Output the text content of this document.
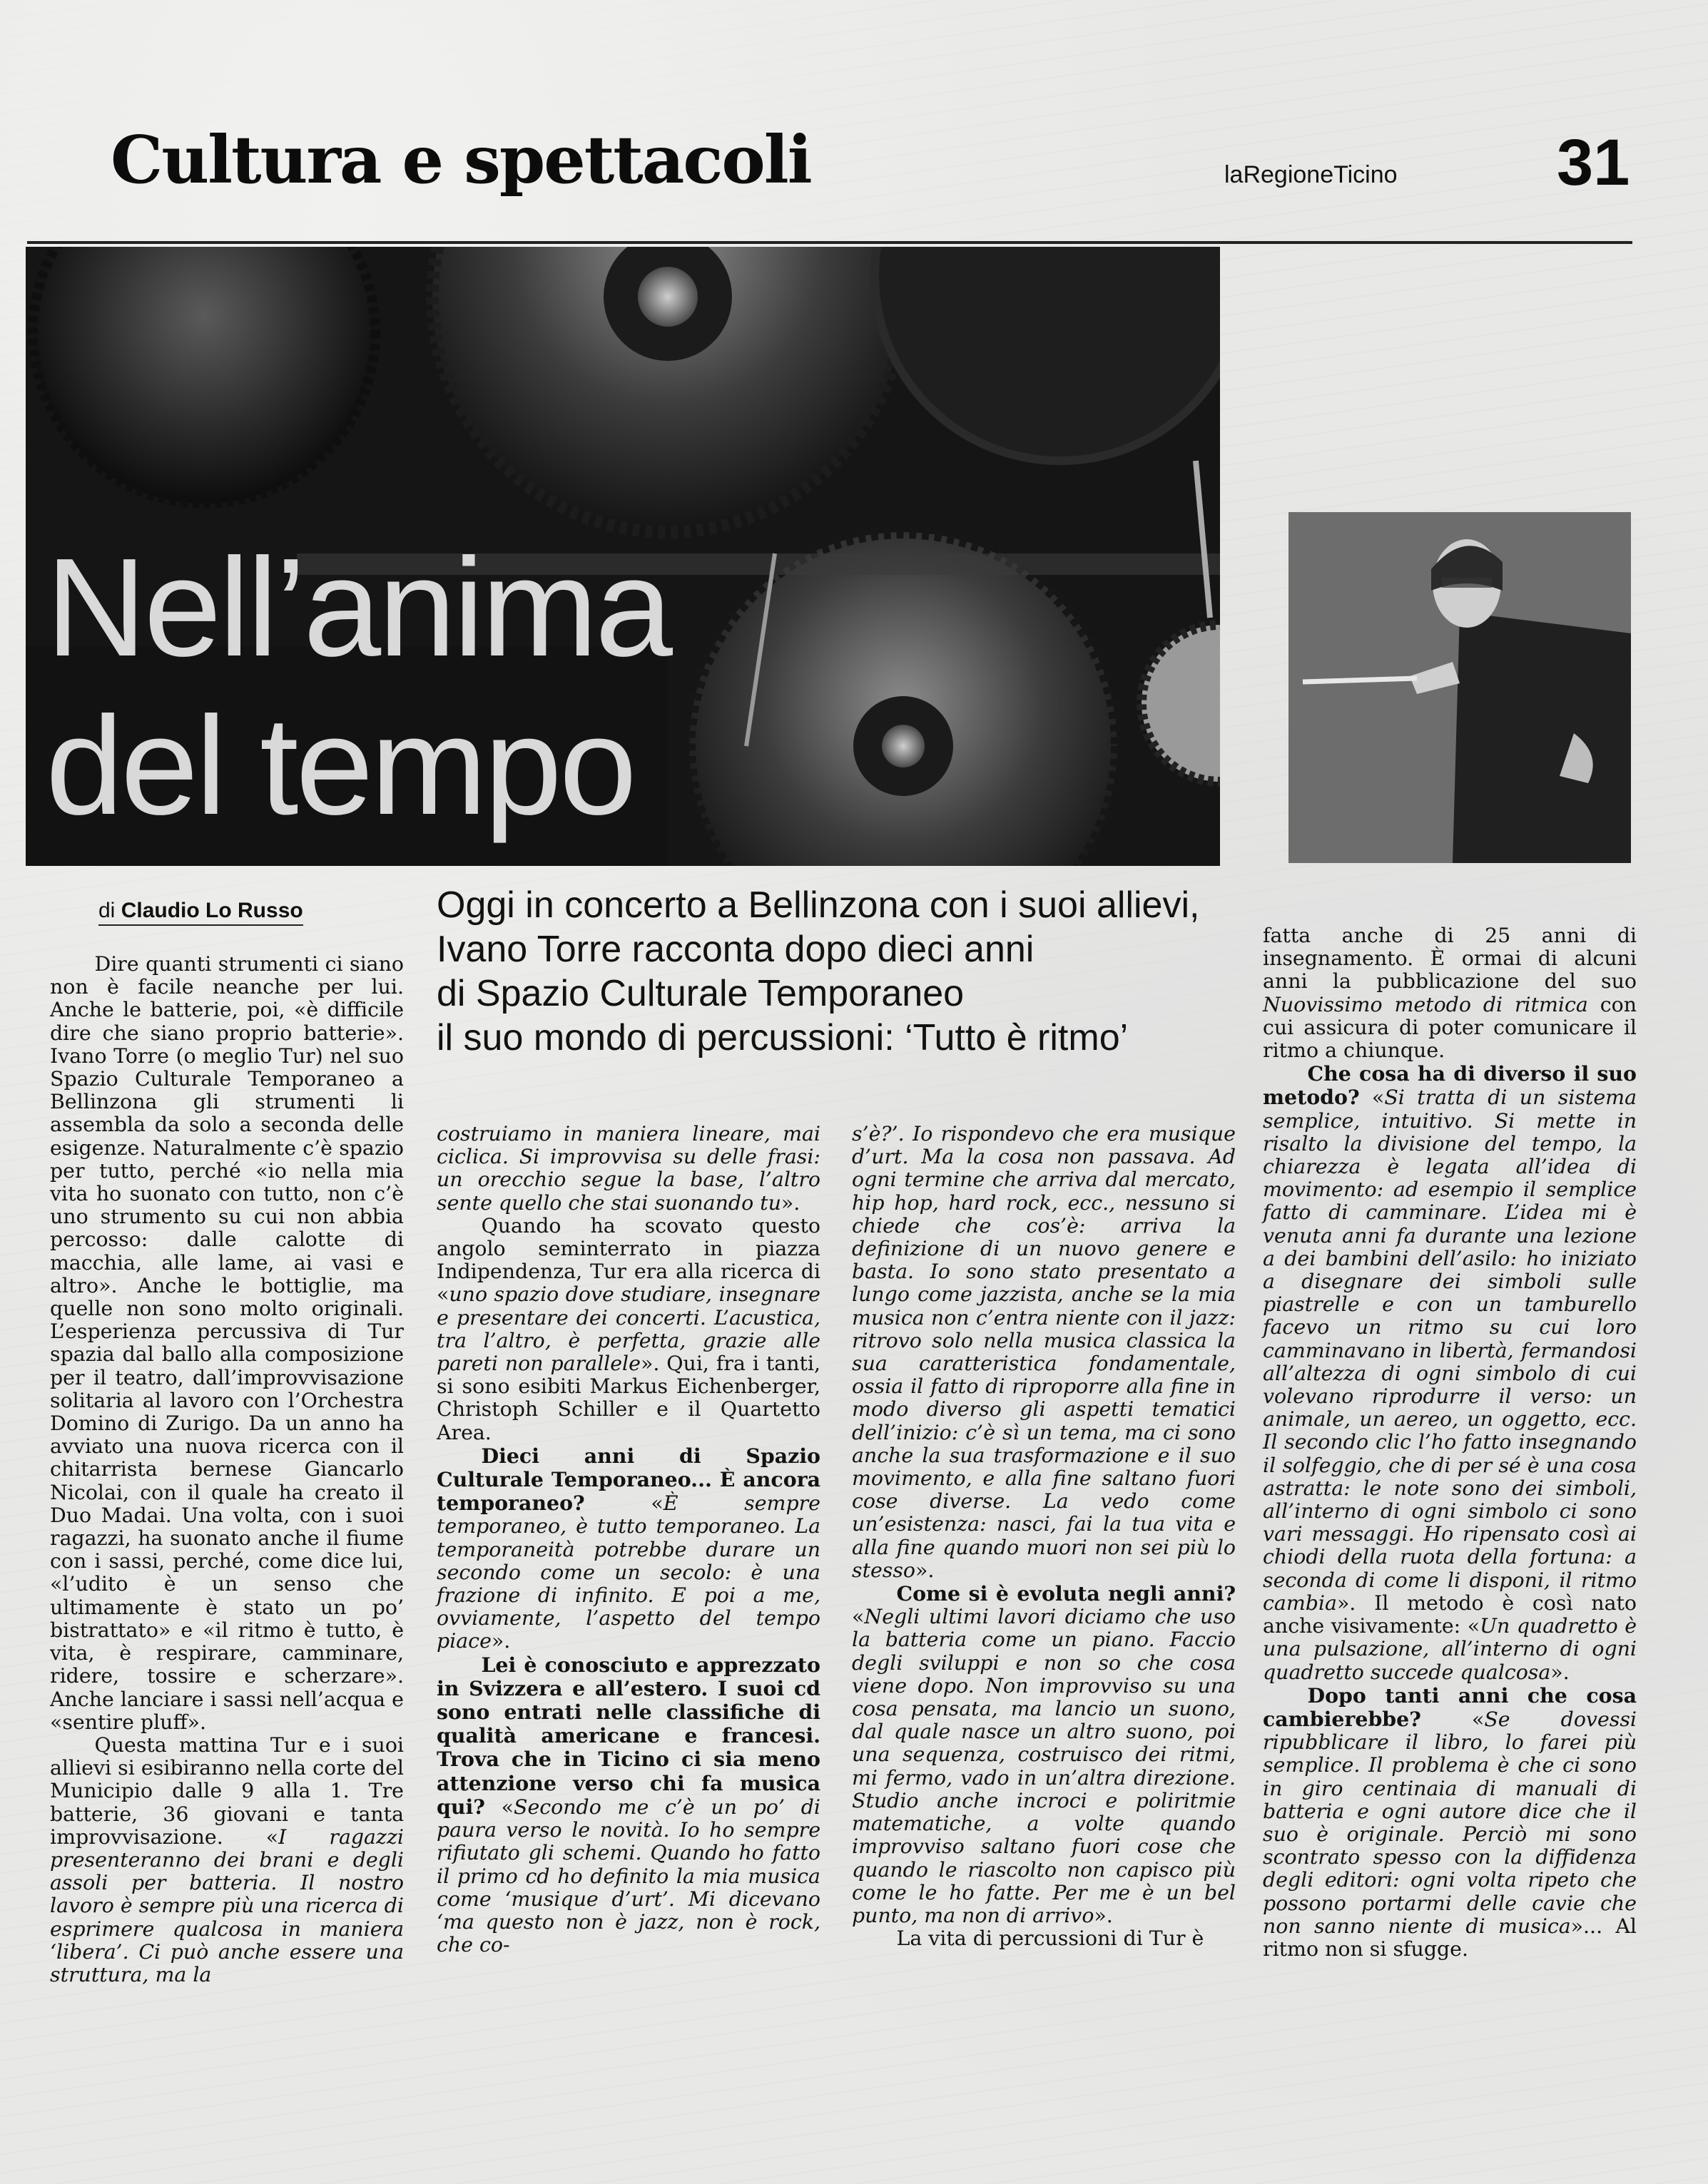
Cultura e spettacoli	laRegioneTicino 31
Nell’anima
del tempo
di Claudio Lo Russo	Oggi in concerto a Bellinzona con i suoi allievi,
Ivano Torre racconta dopo dieci anni
di Spazio Culturale Temporaneo
il suo mondo di percussioni: ‘Tutto è ritmo’

Dire quanti strumenti ci siano non è facile neanche per lui. Anche le batterie, poi, «è difficile dire che siano proprio batterie». Ivano Torre (o meglio Tur) nel suo Spazio Culturale Temporaneo a Bellinzona gli strumenti li assembla da solo a seconda delle esigenze. Naturalmente c’è spazio per tutto, perché «io nella mia vita ho suonato con tutto, non c’è uno strumento su cui non abbia percosso: dalle calotte di macchia, alle lame, ai vasi e altro». Anche le bottiglie, ma quelle non sono molto originali. L’esperienza percussiva di Tur spazia dal ballo alla composizione per il teatro, dall’improvvisazione solitaria al lavoro con l’Orchestra Domino di Zurigo. Da un anno ha avviato una nuova ricerca con il chitarrista bernese Giancarlo Nicolai, con il quale ha creato il Duo Madai. Una volta, con i suoi ragazzi, ha suonato anche il fiume con i sassi, perché, come dice lui, «l’udito è un senso che ultimamente è stato un po’ bistrattato» e «il ritmo è tutto, è vita, è respirare, camminare, ridere, tossire e scherzare». Anche lanciare i sassi nell’acqua e «sentire pluff».

Questa mattina Tur e i suoi allievi si esibiranno nella corte del Municipio dalle 9 alla 1. Tre batterie, 36 giovani e tanta improvvisazione. «I ragazzi presenteranno dei brani e degli assoli per batteria. Il nostro lavoro è sempre più una ricerca di esprimere qualcosa in maniera ‘libera’. Ci può anche essere una struttura, ma la

costruiamo in maniera lineare, mai ciclica. Si improvvisa su delle frasi: un orecchio segue la base, l’altro sente quello che stai suonando tu».

Quando ha scovato questo angolo seminterrato in piazza Indipendenza, Tur era alla ricerca di «uno spazio dove studiare, insegnare e presentare dei concerti. L’acustica, tra l’altro, è perfetta, grazie alle pareti non parallele». Qui, fra i tanti, si sono esibiti Markus Eichenberger, Christoph Schiller e il Quartetto Area.

Dieci anni di Spazio Culturale Temporaneo... È ancora temporaneo? «È sempre temporaneo, è tutto temporaneo. La temporaneità potrebbe durare un secondo come un secolo: è una frazione di infinito. E poi a me, ovviamente, l’aspetto del tempo piace».

Lei è conosciuto e apprezzato in Svizzera e all’estero. I suoi cd sono entrati nelle classifiche di qualità americane e francesi. Trova che in Ticino ci sia meno attenzione verso chi fa musica qui? «Secondo me c’è un po’ di paura verso le novità. Io ho sempre rifiutato gli schemi. Quando ho fatto il primo cd ho definito la mia musica come ‘musique d’urt’. Mi dicevano ‘ma questo non è jazz, non è rock, che co-

s’è?’. Io rispondevo che era musique d’urt. Ma la cosa non passava. Ad ogni termine che arriva dal mercato, hip hop, hard rock, ecc., nessuno si chiede che cos’è: arriva la definizione di un nuovo genere e basta. Io sono stato presentato a lungo come jazzista, anche se la mia musica non c’entra niente con il jazz: ritrovo solo nella musica classica la sua caratteristica fondamentale, ossia il fatto di riproporre alla fine in modo diverso gli aspetti tematici dell’inizio: c’è sì un tema, ma ci sono anche la sua trasformazione e il suo movimento, e alla fine saltano fuori cose diverse. La vedo come un’esistenza: nasci, fai la tua vita e alla fine quando muori non sei più lo stesso».

Come si è evoluta negli anni? «Negli ultimi lavori diciamo che uso la batteria come un piano. Faccio degli sviluppi e non so che cosa viene dopo. Non improvviso su una cosa pensata, ma lancio un suono, dal quale nasce un altro suono, poi una sequenza, costruisco dei ritmi, mi fermo, vado in un’altra direzione. Studio anche incroci e poliritmie matematiche, a volte quando improvviso saltano fuori cose che quando le riascolto non capisco più come le ho fatte. Per me è un bel punto, ma non di arrivo».

La vita di percussioni di Tur è

fatta anche di 25 anni di insegnamento. È ormai di alcuni anni la pubblicazione del suo Nuovissimo metodo di ritmica con cui assicura di poter comunicare il ritmo a chiunque.

Che cosa ha di diverso il suo metodo? «Si tratta di un sistema semplice, intuitivo. Si mette in risalto la divisione del tempo, la chiarezza è legata all’idea di movimento: ad esempio il semplice fatto di camminare. L’idea mi è venuta anni fa durante una lezione a dei bambini dell’asilo: ho iniziato a disegnare dei simboli sulle piastrelle e con un tamburello facevo un ritmo su cui loro camminavano in libertà, fermandosi all’altezza di ogni simbolo di cui volevano riprodurre il verso: un animale, un aereo, un oggetto, ecc. Il secondo clic l’ho fatto insegnando il solfeggio, che di per sé è una cosa astratta: le note sono dei simboli, all’interno di ogni simbolo ci sono vari messaggi. Ho ripensato così ai chiodi della ruota della fortuna: a seconda di come li disponi, il ritmo cambia». Il metodo è così nato anche visivamente: «Un quadretto è una pulsazione, all’interno di ogni quadretto succede qualcosa».

Dopo tanti anni che cosa cambierebbe? «Se dovessi ripubblicare il libro, lo farei più semplice. Il problema è che ci sono in giro centinaia di manuali di batteria e ogni autore dice che il suo è originale. Perciò mi sono scontrato spesso con la diffidenza degli editori: ogni volta ripeto che possono portarmi delle cavie che non sanno niente di musica»... Al ritmo non si sfugge.
